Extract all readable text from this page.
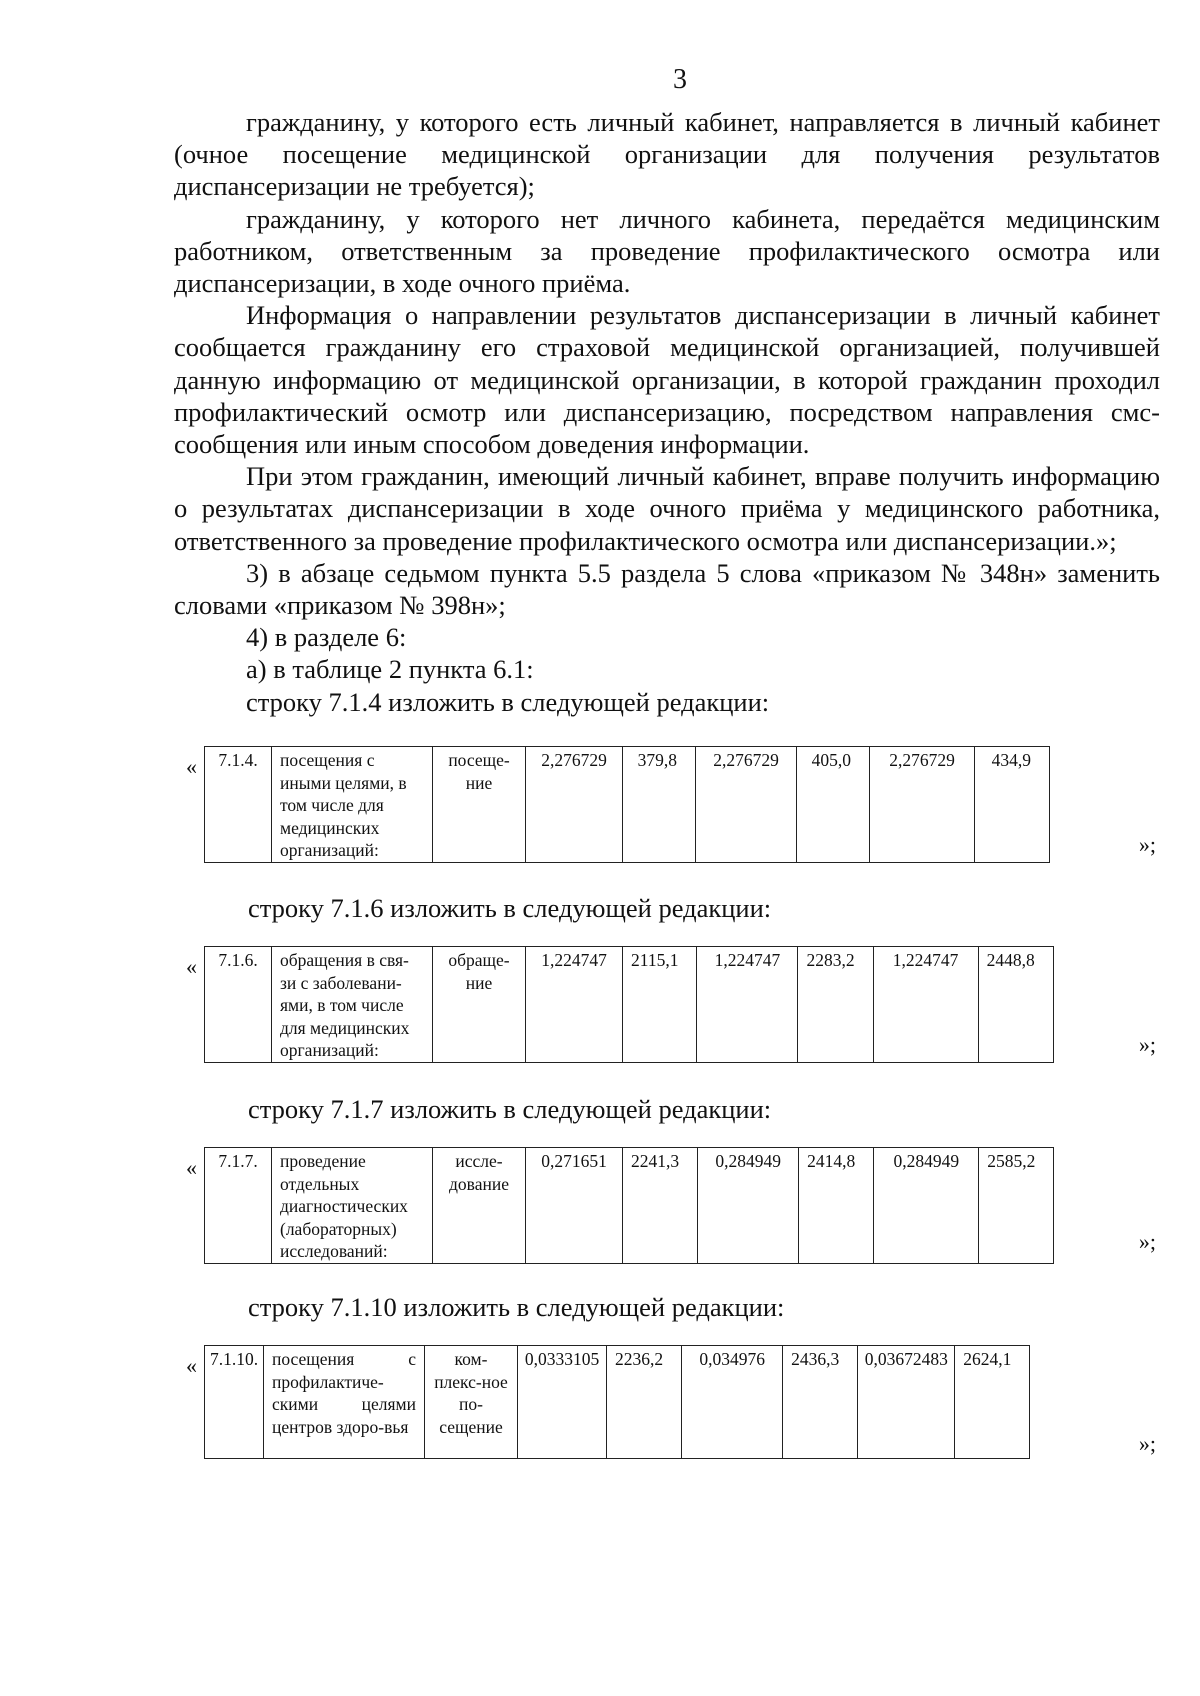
3

гражданину, у которого есть личный кабинет, направляется в личный кабинет (очное посещение медицинской организации для получения результатов диспансеризации не требуется);

гражданину, у которого нет личного кабинета, передаётся медицинским работником, ответственным за проведение профилактического осмотра или диспансеризации, в ходе очного приёма.

Информация о направлении результатов диспансеризации в личный кабинет сообщается гражданину его страховой медицинской организацией, получившей данную информацию от медицинской организации, в которой гражданин проходил профилактический осмотр или диспансеризацию, посредством направления смс-сообщения или иным способом доведения информации.

При этом гражданин, имеющий личный кабинет, вправе получить информацию о результатах диспансеризации в ходе очного приёма у медицинского работника, ответственного за проведение профилактического осмотра или диспансеризации.»;

3) в абзаце седьмом пункта 5.5 раздела 5 слова «приказом № 348н» заменить словами «приказом № 398н»;

4) в разделе 6:

а) в таблице 2 пункта 6.1:

строку 7.1.4 изложить в следующей редакции:

« 7.1.4.	посещения с иными целями, в том числе для медицинских организаций:	посеще-ние	2,276729	379,8	2,276729	405,0	2,276729	434,9
»;
строку 7.1.6 изложить в следующей редакции:
« 7.1.6.	обращения в свя-зи с заболевани-ями, в том числе для медицинских организаций:	обраще-ние	1,224747	2115,1	1,224747	2283,2	1,224747	2448,8
»;
строку 7.1.7 изложить в следующей редакции:
« 7.1.7.	проведение отдельных диагностических (лабораторных) исследований:	иссле-дование	0,271651	2241,3	0,284949	2414,8	0,284949	2585,2
»;
строку 7.1.10 изложить в следующей редакции:
« 7.1.10.	посещения с профилактиче-скими целями центров здоро-вья	ком-плекс-ное по-сещение	0,0333105	2236,2	0,034976	2436,3	0,03672483	2624,1
»;
